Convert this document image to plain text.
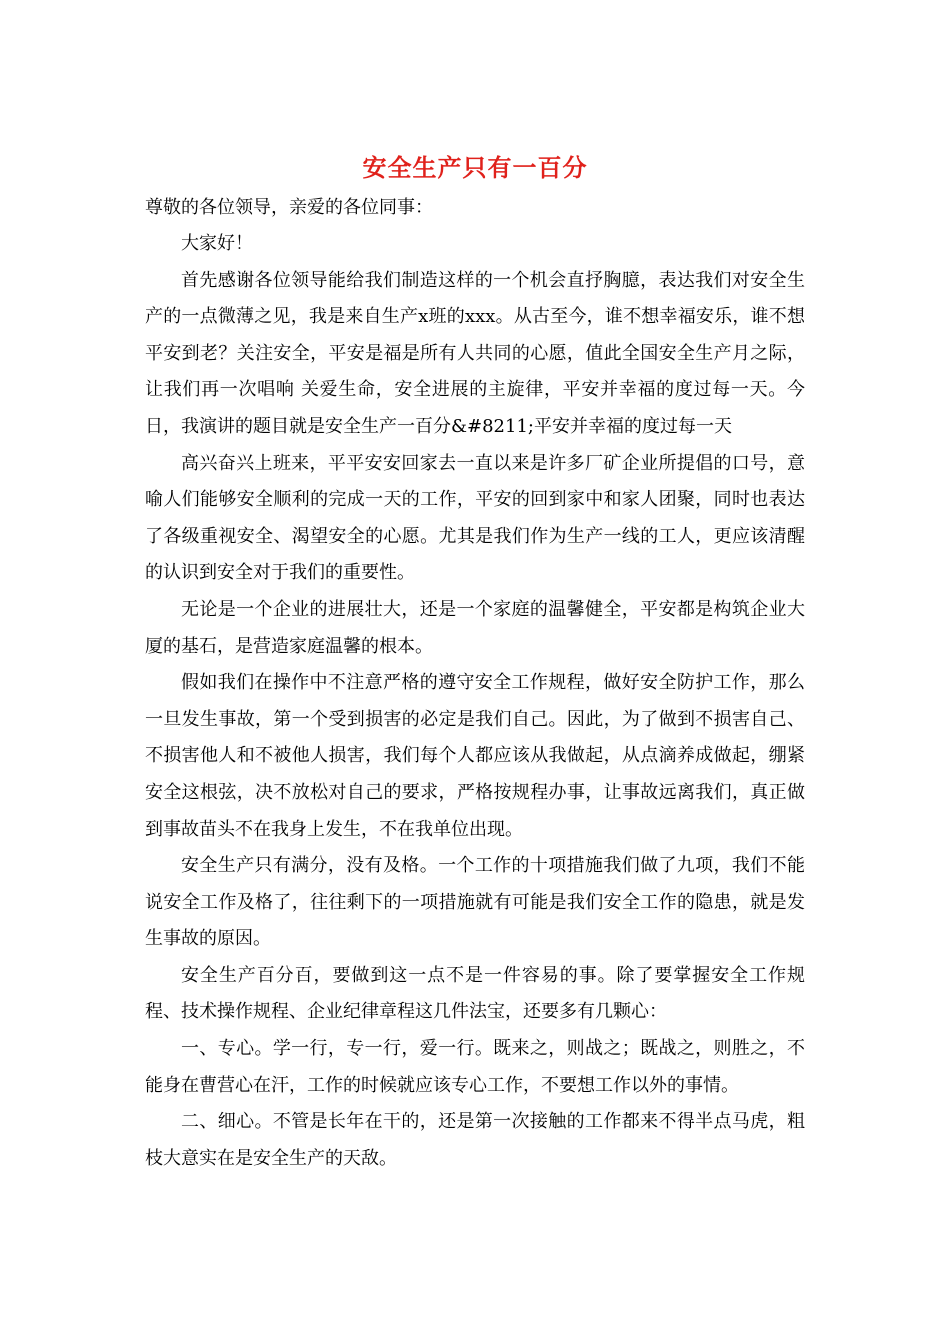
安全生产只有一百分

尊敬的各位领导，亲爱的各位同事：

大家好！

首先感谢各位领导能给我们制造这样的一个机会直抒胸臆，表达我们对安全生产的一点微薄之见，我是来自生产x班的xxx。从古至今，谁不想幸福安乐，谁不想平安到老？关注安全，平安是福是所有人共同的心愿，值此全国安全生产月之际，让我们再一次唱响 关爱生命，安全进展的主旋律，平安并幸福的度过每一天。今日，我演讲的题目就是安全生产一百分&#8211;平安并幸福的度过每一天

高兴奋兴上班来，平平安安回家去一直以来是许多厂矿企业所提倡的口号，意喻人们能够安全顺利的完成一天的工作，平安的回到家中和家人团聚，同时也表达了各级重视安全、渴望安全的心愿。尤其是我们作为生产一线的工人，更应该清醒的认识到安全对于我们的重要性。

无论是一个企业的进展壮大，还是一个家庭的温馨健全，平安都是构筑企业大厦的基石，是营造家庭温馨的根本。

假如我们在操作中不注意严格的遵守安全工作规程，做好安全防护工作，那么一旦发生事故，第一个受到损害的必定是我们自己。因此，为了做到不损害自己、不损害他人和不被他人损害，我们每个人都应该从我做起，从点滴养成做起，绷紧安全这根弦，决不放松对自己的要求，严格按规程办事，让事故远离我们，真正做到事故苗头不在我身上发生，不在我单位出现。

安全生产只有满分，没有及格。一个工作的十项措施我们做了九项，我们不能说安全工作及格了，往往剩下的一项措施就有可能是我们安全工作的隐患，就是发生事故的原因。

安全生产百分百，要做到这一点不是一件容易的事。除了要掌握安全工作规程、技术操作规程、企业纪律章程这几件法宝，还要多有几颗心：

一、专心。学一行，专一行，爱一行。既来之，则战之；既战之，则胜之，不能身在曹营心在汗，工作的时候就应该专心工作，不要想工作以外的事情。

二、细心。不管是长年在干的，还是第一次接触的工作都来不得半点马虎，粗枝大意实在是安全生产的天敌。
